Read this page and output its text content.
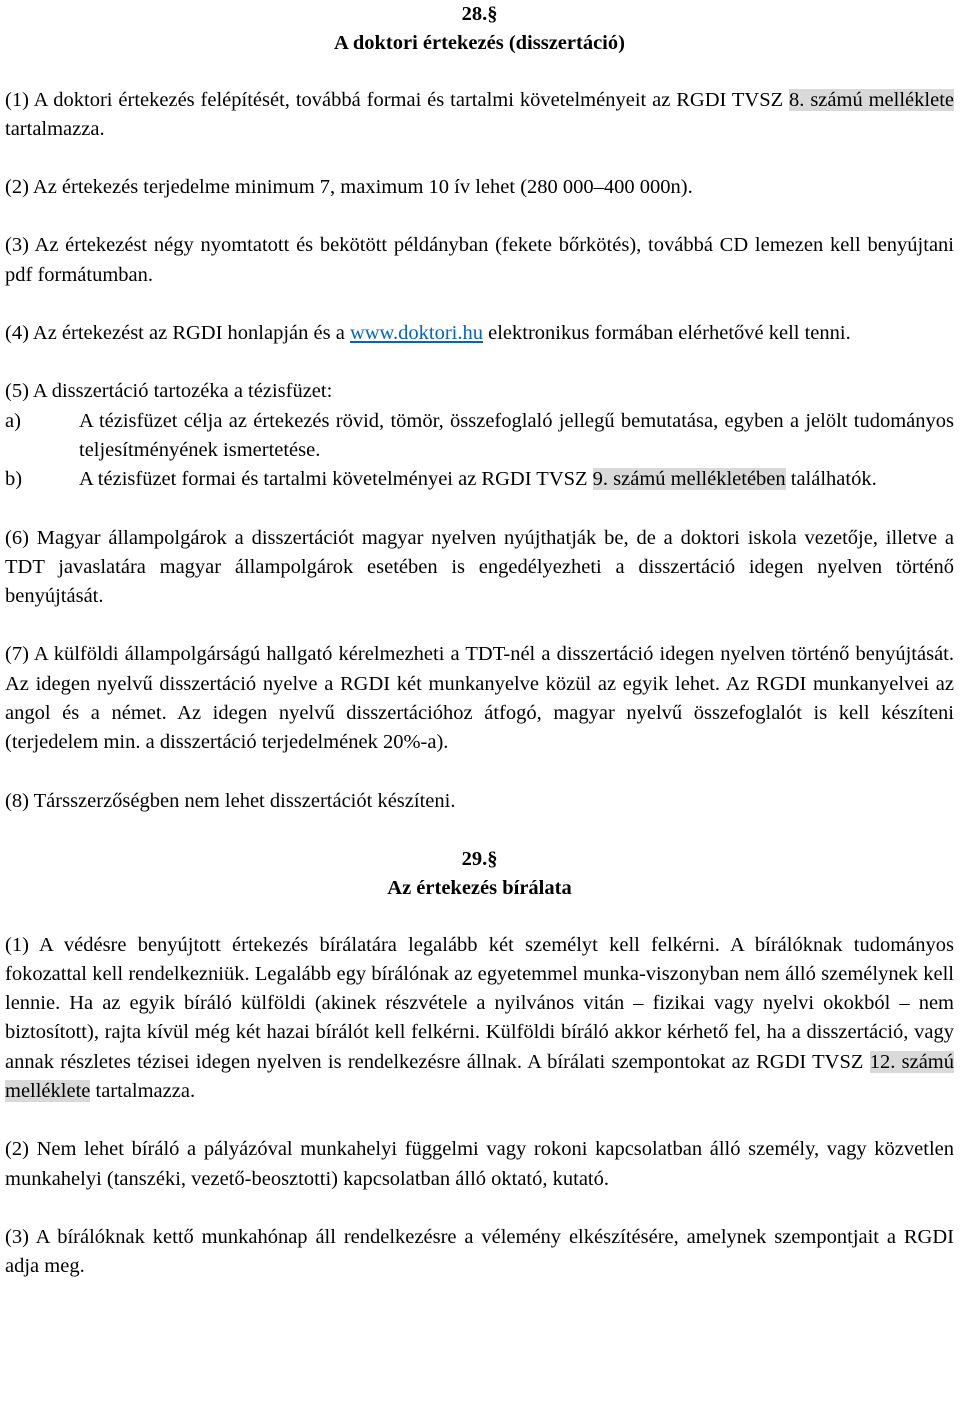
28.§
A doktori értekezés (disszertáció)

(1) A doktori értekezés felépítését, továbbá formai és tartalmi követelményeit az RGDI TVSZ 8. számú melléklete tartalmazza.

(2) Az értekezés terjedelme minimum 7, maximum 10 ív lehet (280 000–400 000n).

(3) Az értekezést négy nyomtatott és bekötött példányban (fekete bőrkötés), továbbá CD lemezen kell benyújtani pdf formátumban.

(4) Az értekezést az RGDI honlapján és a www.doktori.hu elektronikus formában elérhetővé kell tenni.

(5) A disszertáció tartozéka a tézisfüzet:

a)	A tézisfüzet célja az értekezés rövid, tömör, összefoglaló jellegű bemutatása, egyben a jelölt tudományos teljesítményének ismertetése.
b)	A tézisfüzet formai és tartalmi követelményei az RGDI TVSZ 9. számú mellékletében találhatók.

(6) Magyar állampolgárok a disszertációt magyar nyelven nyújthatják be, de a doktori iskola vezetője, illetve a TDT javaslatára magyar állampolgárok esetében is engedélyezheti a disszertáció idegen nyelven történő benyújtását.

(7) A külföldi állampolgárságú hallgató kérelmezheti a TDT-nél a disszertáció idegen nyelven történő benyújtását. Az idegen nyelvű disszertáció nyelve a RGDI két munkanyelve közül az egyik lehet. Az RGDI munkanyelvei az angol és a német. Az idegen nyelvű disszertációhoz átfogó, magyar nyelvű összefoglalót is kell készíteni (terjedelem min. a disszertáció terjedelmének 20%-a).

(8) Társszerzőségben nem lehet disszertációt készíteni.

29.§
Az értekezés bírálata

(1) A védésre benyújtott értekezés bírálatára legalább két személyt kell felkérni. A bírálóknak tudományos fokozattal kell rendelkezniük. Legalább egy bírálónak az egyetemmel munka-viszonyban nem álló személynek kell lennie. Ha az egyik bíráló külföldi (akinek részvétele a nyilvános vitán – fizikai vagy nyelvi okokból – nem biztosított), rajta kívül még két hazai bírálót kell felkérni. Külföldi bíráló akkor kérhető fel, ha a disszertáció, vagy annak részletes tézisei idegen nyelven is rendelkezésre állnak. A bírálati szempontokat az RGDI TVSZ 12. számú melléklete tartalmazza.

(2) Nem lehet bíráló a pályázóval munkahelyi függelmi vagy rokoni kapcsolatban álló személy, vagy közvetlen munkahelyi (tanszéki, vezető-beosztotti) kapcsolatban álló oktató, kutató.

(3) A bírálóknak kettő munkahónap áll rendelkezésre a vélemény elkészítésére, amelynek szempontjait a RGDI adja meg.
